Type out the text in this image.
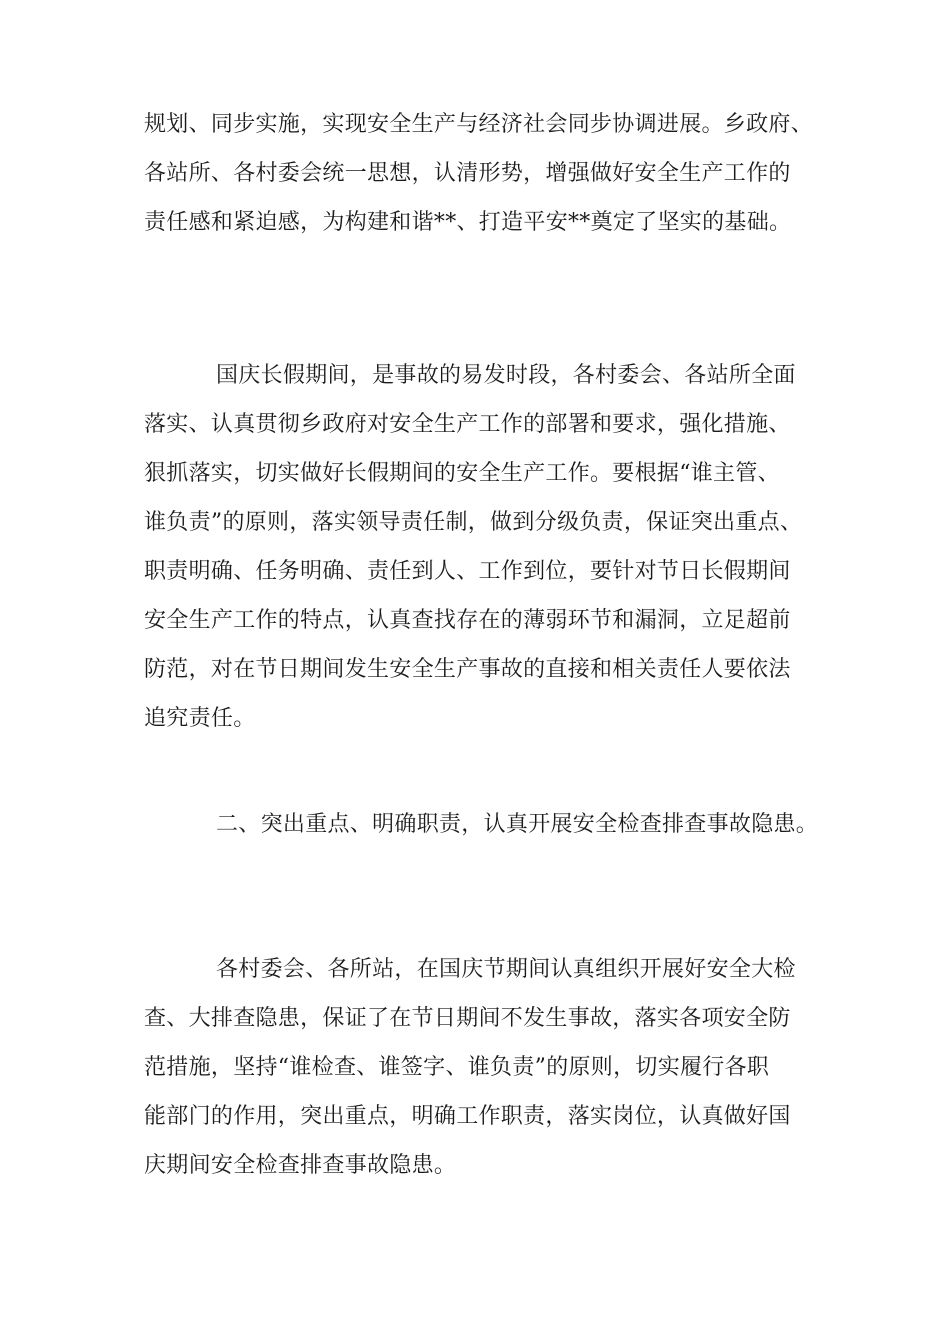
规划、同步实施，实现安全生产与经济社会同步协调进展。乡政府、
各站所、各村委会统一思想，认清形势，增强做好安全生产工作的
责任感和紧迫感，为构建和谐**、打造平安**奠定了坚实的基础。
国庆长假期间，是事故的易发时段，各村委会、各站所全面
落实、认真贯彻乡政府对安全生产工作的部署和要求，强化措施、
狠抓落实，切实做好长假期间的安全生产工作。要根据“谁主管、
谁负责”的原则，落实领导责任制，做到分级负责，保证突出重点、
职责明确、任务明确、责任到人、工作到位，要针对节日长假期间
安全生产工作的特点，认真查找存在的薄弱环节和漏洞，立足超前
防范，对在节日期间发生安全生产事故的直接和相关责任人要依法
追究责任。
二、突出重点、明确职责，认真开展安全检查排查事故隐患。
各村委会、各所站，在国庆节期间认真组织开展好安全大检
查、大排查隐患，保证了在节日期间不发生事故，落实各项安全防
范措施，坚持“谁检查、谁签字、谁负责”的原则，切实履行各职
能部门的作用，突出重点，明确工作职责，落实岗位，认真做好国
庆期间安全检查排查事故隐患。
